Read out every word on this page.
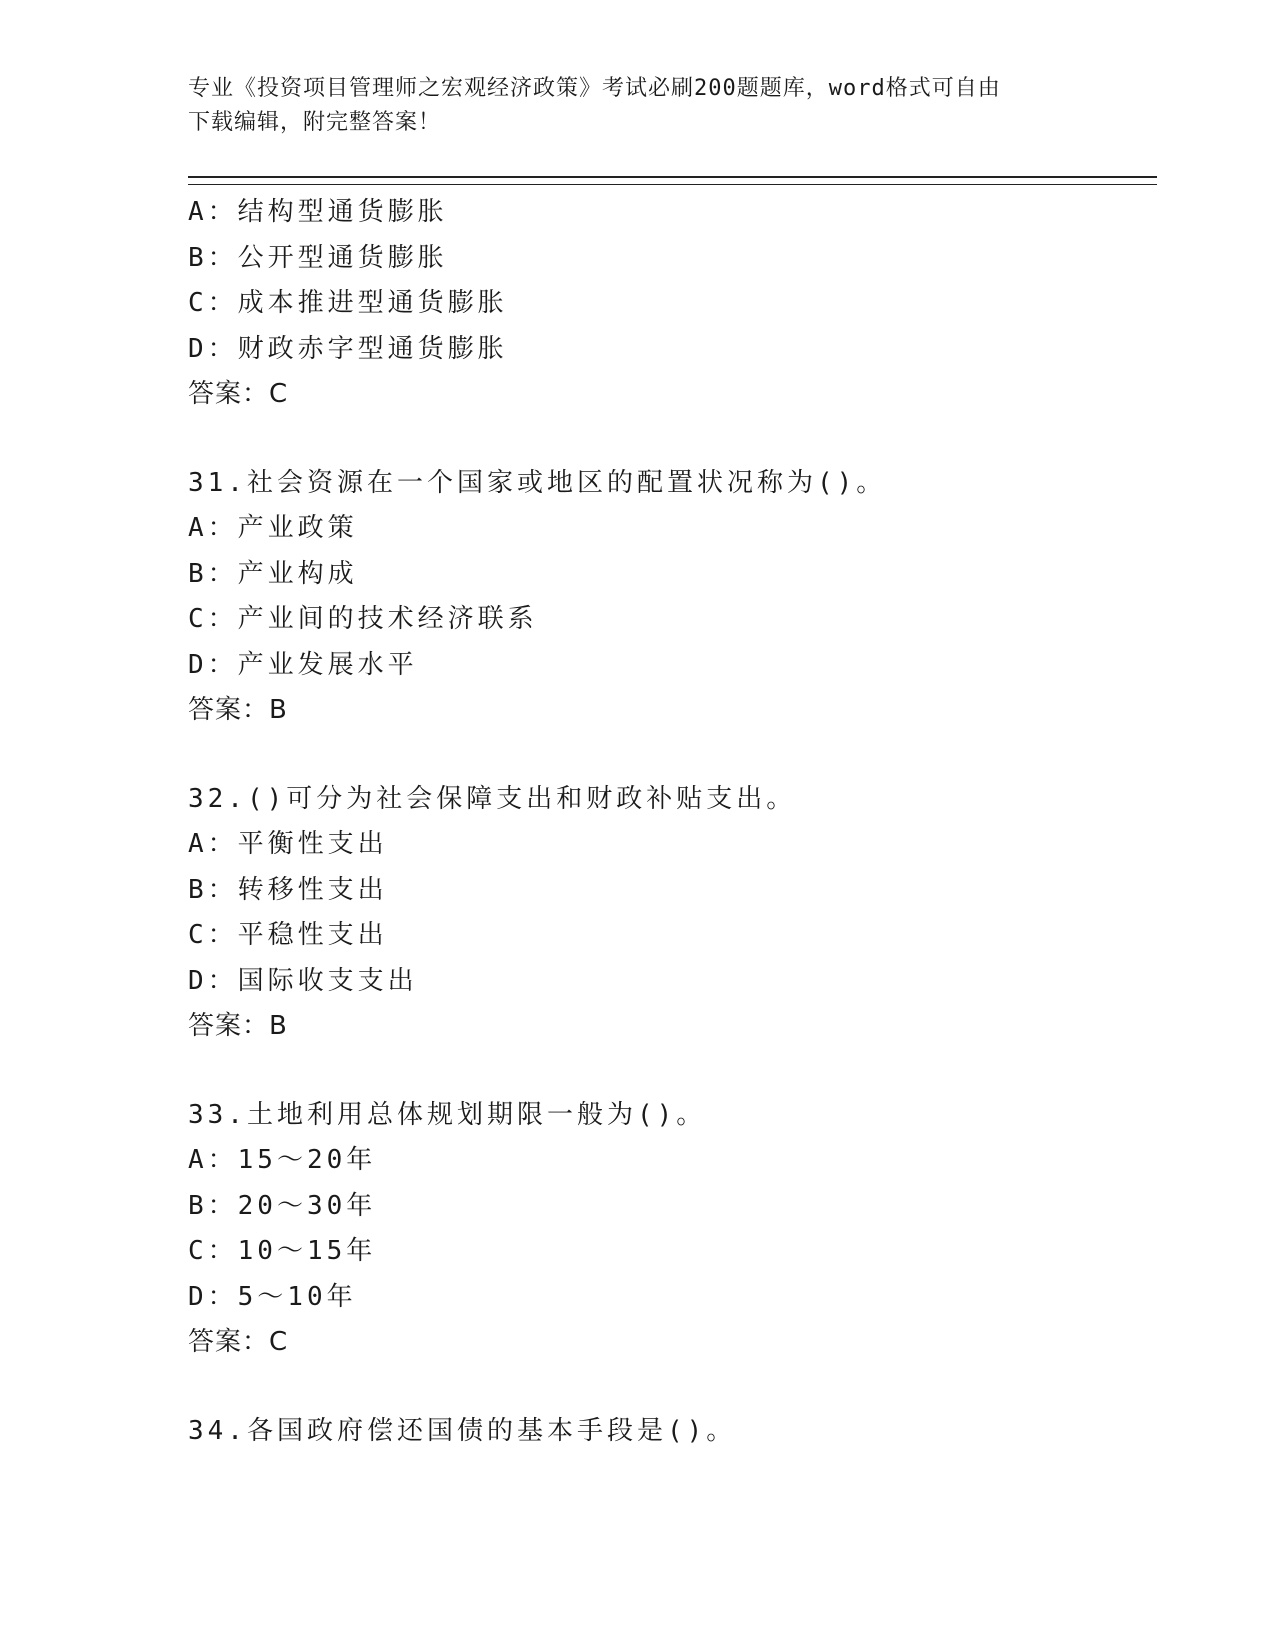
专业《投资项目管理师之宏观经济政策》考试必刷200题题库，word格式可自由
下载编辑，附完整答案！
A：结构型通货膨胀
B：公开型通货膨胀
C：成本推进型通货膨胀
D：财政赤字型通货膨胀
答案：C
31.社会资源在一个国家或地区的配置状况称为()。
A：产业政策
B：产业构成
C：产业间的技术经济联系
D：产业发展水平
答案：B
32.()可分为社会保障支出和财政补贴支出。
A：平衡性支出
B：转移性支出
C：平稳性支出
D：国际收支支出
答案：B
33.土地利用总体规划期限一般为()。
A：15～20年
B：20～30年
C：10～15年
D：5～10年
答案：C
34.各国政府偿还国债的基本手段是()。
